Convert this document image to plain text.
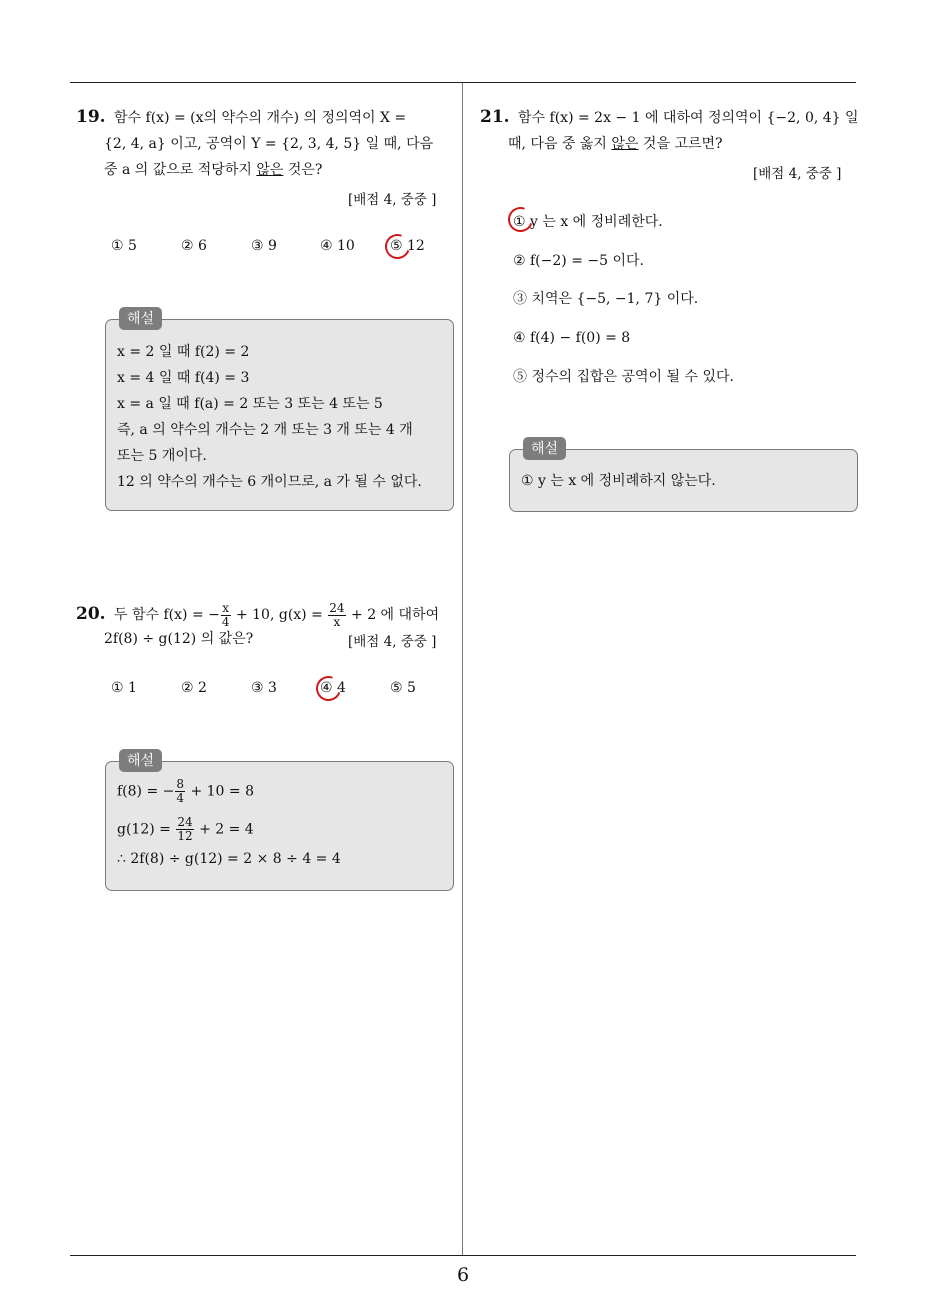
19. 함수 f(x) = (x의 약수의 개수) 의 정의역이 X =
{2, 4, a} 이고, 공역이 Y = {2, 3, 4, 5} 일 때, 다음
중 a 의 값으로 적당하지 않은 것은?
[배점 4, 중중 ]
① 5	② 6	③ 9	④ 10	⑤ 12
x = 2 일 때 f(2) = 2
x = 4 일 때 f(4) = 3
x = a 일 때 f(a) = 2 또는 3 또는 4 또는 5
즉, a 의 약수의 개수는 2 개 또는 3 개 또는 4 개
또는 5 개이다.
12 의 약수의 개수는 6 개이므로, a 가 될 수 없다.
해설
20. 두 함수 f(x) = − $\frac{x}{4} + 10$, $g(x) = \frac{24}{x} + 2$ 에 대하여
2f(8) ÷ g(12) 의 값은?	[배점 4, 중중 ]
① 1	② 2	③ 3	④ 4	⑤ 5
f(8) = − $\frac{8}{4} + 10 = 8$
$g(12) = \frac{24}{12} + 2 = 4$
∴ 2f(8) ÷ g(12) = 2 × 8 ÷ 4 = 4
해설
21. 함수 f(x) = 2x − 1 에 대하여 정의역이 {−2, 0, 4} 일
때, 다음 중 옳지 않은 것을 고르면?
[배점 4, 중중 ]
① y 는 x 에 정비례한다.
② f(−2) = −5 이다.
③ 치역은 {−5, −1, 7} 이다.
④ f(4) − f(0) = 8
⑤ 정수의 집합은 공역이 될 수 있다.
① y 는 x 에 정비례하지 않는다.
해설
6
